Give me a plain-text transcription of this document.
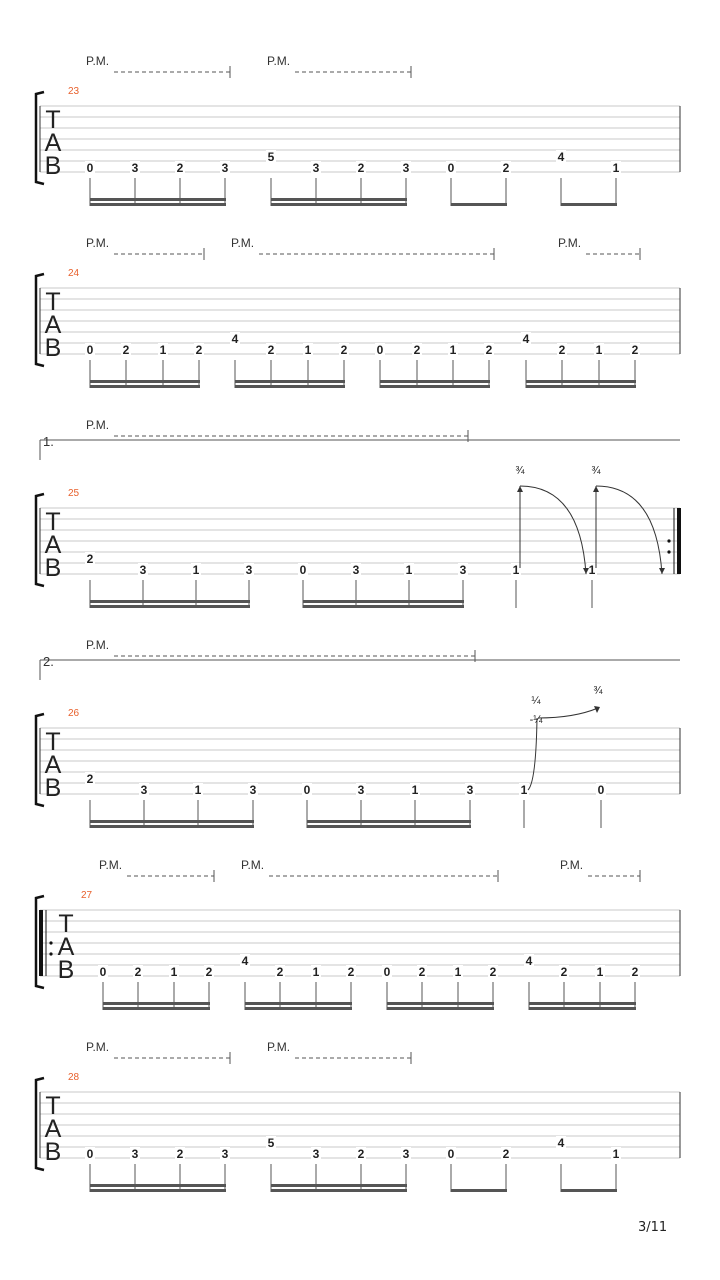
T
A
B
23
P.M.	P.M.
0	3	2	3
5
3	2	3	0	2
4
1
T
A
B
24
P.M.	P.M.	P.M.
0 2	1 2
4
2	1 2 0	2 1 2
4
2	1 2
T
A
B
25
1.
P.M.
2
3	1	3	0	3	1	3	1	1
¾	¾
T
A
B
26
2.
P.M.
2
3	1	3	0	3	1	3	1	0
¼
-¼
¾
T
A
B
27
P.M.	P.M.	P.M.
0 2 1 2
4
2 1 2 0 2 1 2
4
2 1 2
T
A
B
28
P.M.	P.M.
0	3	2	3
5
3	2	3	0	2
4
1
3/11
